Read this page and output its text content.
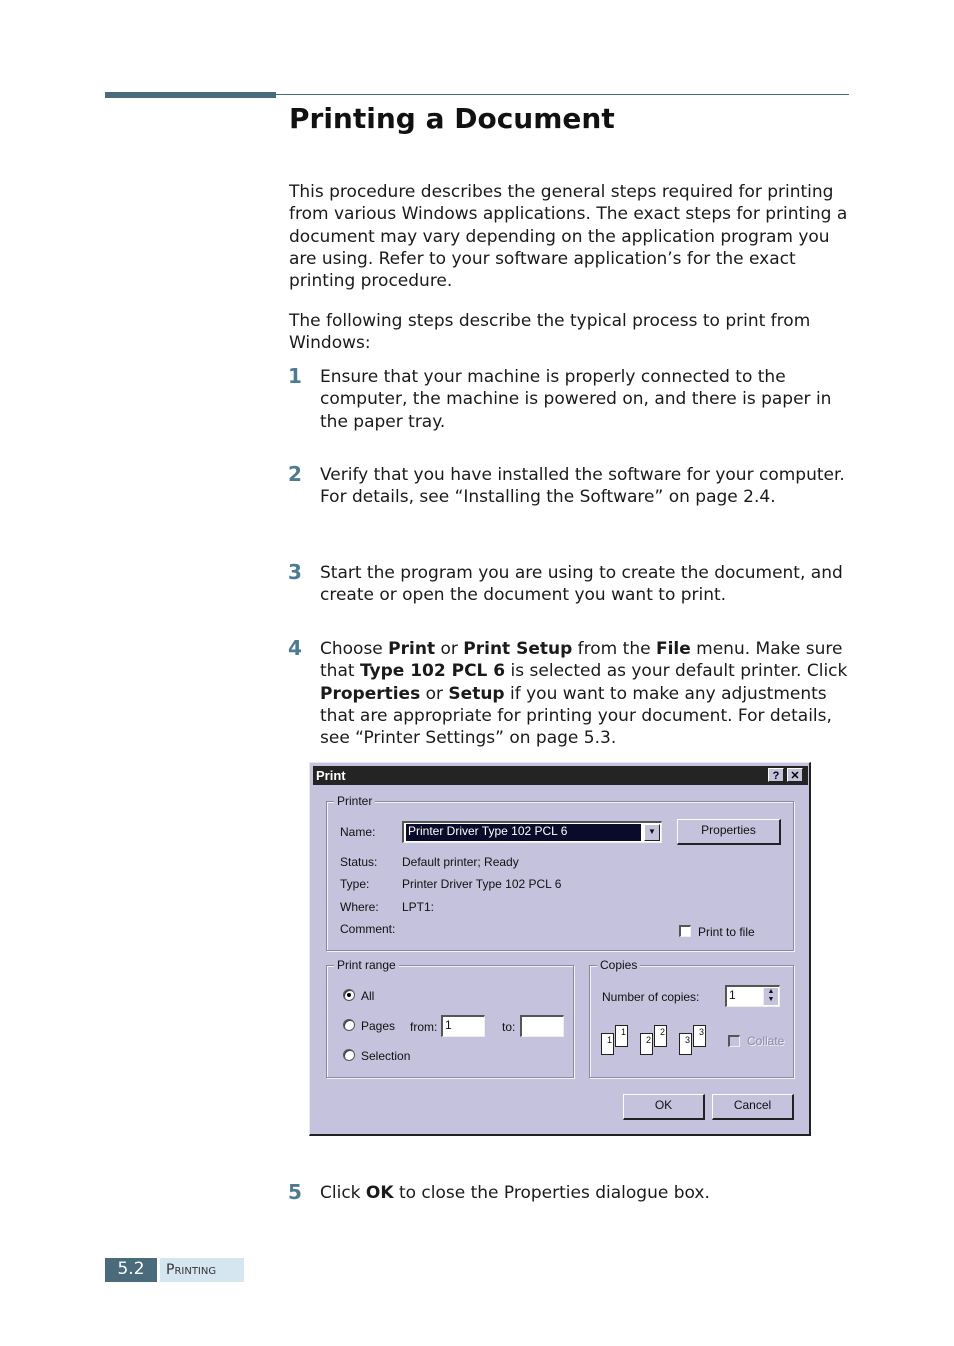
Printing a Document

This procedure describes the general steps required for printing from various Windows applications. The exact steps for printing a document may vary depending on the application program you are using. Refer to your software application’s for the exact printing procedure.

The following steps describe the typical process to print from Windows:

1 Ensure that your machine is properly connected to the computer, the machine is powered on, and there is paper in the paper tray.

2 Verify that you have installed the software for your computer. For details, see “Installing the Software” on page 2.4.

3 Start the program you are using to create the document, and create or open the document you want to print.

4 Choose Print or Print Setup from the File menu. Make sure that Type 102 PCL 6 is selected as your default printer. Click Properties or Setup if you want to make any adjustments that are appropriate for printing your document. For details, see “Printer Settings” on page 5.3.

Print	?	✕
Printer
Name:	Printer Driver Type 102 PCL 6	▼	Properties
Status: Default printer; Ready
Type:	Printer Driver Type 102 PCL 6
Where: LPT1:
Comment:	Print to file
Print range
All
Pages from: 1	to:
Selection
Copies
Number of copies:	1	▲
▼
1
1
2
2
3
3	Collate
OK	Cancel
5 Click OK to close the Properties dialogue box.

5.2	Printing
